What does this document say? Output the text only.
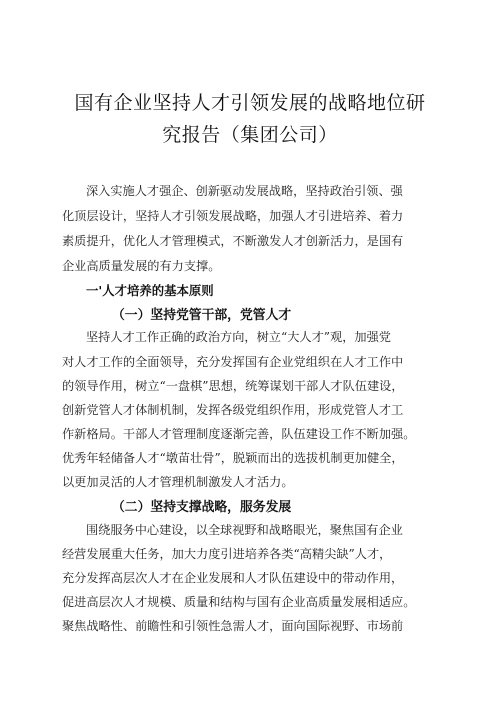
国有企业坚持人才引领发展的战略地位研
究报告（集团公司）
深入实施人才强企、创新驱动发展战略，坚持政治引领、强
化顶层设计，坚持人才引领发展战略，加强人才引进培养、着力
素质提升，优化人才管理模式，不断激发人才创新活力，是国有
企业高质量发展的有力支撑。
一'人才培养的基本原则
（一）坚持党管干部，党管人才
坚持人才工作正确的政治方向，树立“大人才”观，加强党
对人才工作的全面领导，充分发挥国有企业党组织在人才工作中
的领导作用，树立“一盘棋”思想，统筹谋划干部人才队伍建设，
创新党管人才体制机制，发挥各级党组织作用，形成党管人才工
作新格局。干部人才管理制度逐渐完善，队伍建设工作不断加强。
优秀年轻储备人才“墩苗壮骨”，脱颖而出的选拔机制更加健全，
以更加灵活的人才管理机制激发人才活力。
（二）坚持支撑战略，服务发展
围绕服务中心建设，以全球视野和战略眼光，聚焦国有企业
经营发展重大任务，加大力度引进培养各类“高精尖缺”人才，
充分发挥高层次人才在企业发展和人才队伍建设中的带动作用，
促进高层次人才规模、质量和结构与国有企业高质量发展相适应。
聚焦战略性、前瞻性和引领性急需人才，面向国际视野、市场前
